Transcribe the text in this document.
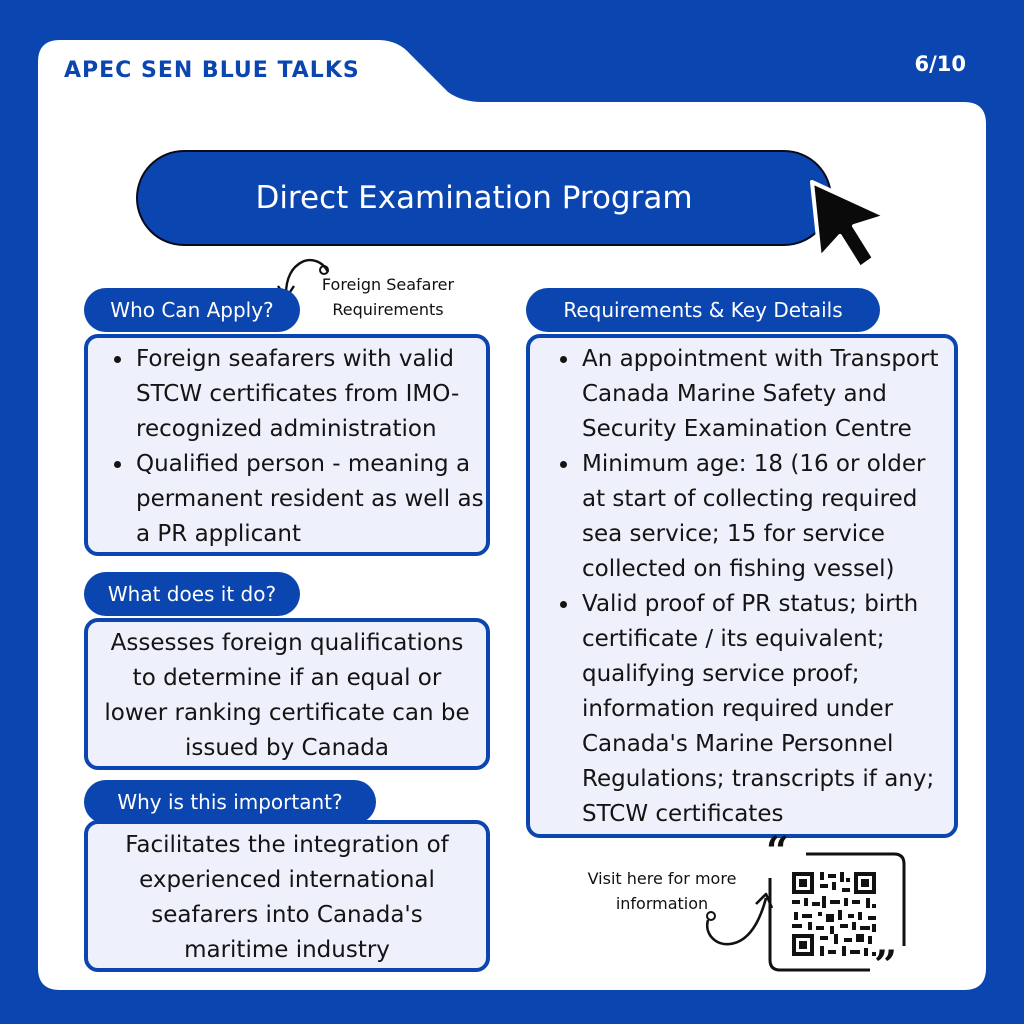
APEC SEN BLUE TALKS	6/10
Direct Examination Program
Foreign Seafarer
Requirements
Who Can Apply?
• Foreign seafarers with valid STCW certificates from IMO-recognized administration
• Qualified person - meaning a permanent resident as well as a PR applicant
What does it do?
Assesses foreign qualifications to determine if an equal or lower ranking certificate can be issued by Canada
Why is this important?
Facilitates the integration of experienced international seafarers into Canada's maritime industry
Requirements & Key Details
• An appointment with Transport Canada Marine Safety and Security Examination Centre
• Minimum age: 18 (16 or older at start of collecting required sea service; 15 for service collected on fishing vessel)
• Valid proof of PR status; birth certificate / its equivalent; qualifying service proof; information required under Canada's Marine Personnel Regulations; transcripts if any; STCW certificates
Visit here for more
information
“
”
